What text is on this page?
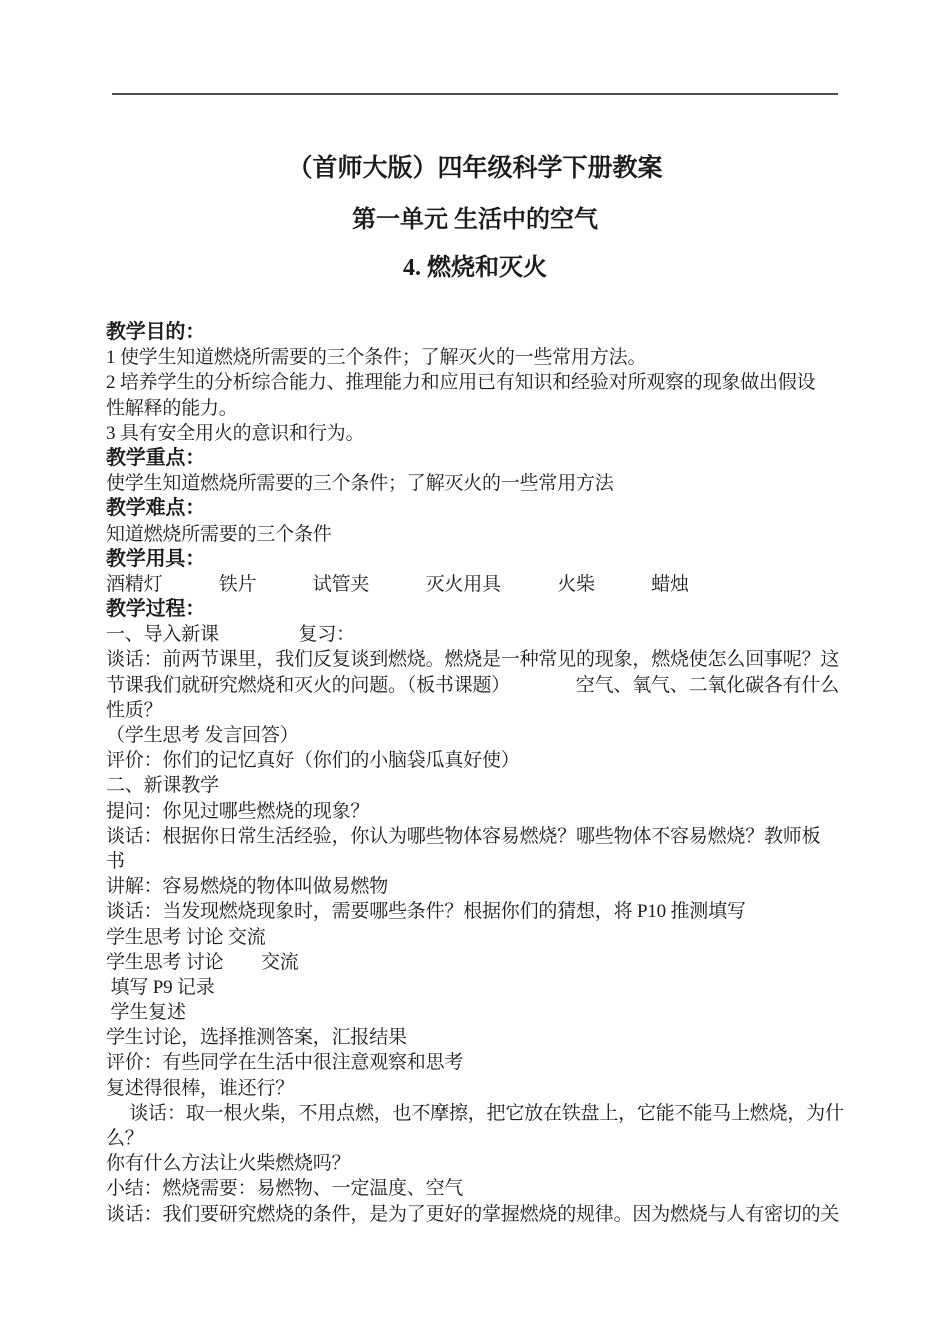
（首师大版）四年级科学下册教案
第一单元 生活中的空气
4. 燃烧和灭火
教学目的：
1 使学生知道燃烧所需要的三个条件；了解灭火的一些常用方法。
2 培养学生的分析综合能力、推理能力和应用已有知识和经验对所观察的现象做出假设
性解释的能力。
3 具有安全用火的意识和行为。
教学重点：
使学生知道燃烧所需要的三个条件；了解灭火的一些常用方法
教学难点：
知道燃烧所需要的三个条件
教学用具：
酒精灯　　　铁片　　　试管夹　　　灭火用具　　　火柴　　　蜡烛
教学过程：
一、导入新课　　　　 复习：
谈话：前两节课里，我们反复谈到燃烧。燃烧是一种常见的现象，燃烧使怎么回事呢？这
节课我们就研究燃烧和灭火的问题。（板书课题）　　　　空气、氧气、二氧化碳各有什么
性质？
（学生思考 发言回答）
评价：你们的记忆真好（你们的小脑袋瓜真好使）
二、新课教学
提问：你见过哪些燃烧的现象？
谈话：根据你日常生活经验，你认为哪些物体容易燃烧？哪些物体不容易燃烧？教师板
书
讲解：容易燃烧的物体叫做易燃物
谈话：当发现燃烧现象时，需要哪些条件？根据你们的猜想，将 P10 推测填写
学生思考 讨论 交流
学生思考 讨论　　交流
填写 P9 记录
学生复述
学生讨论，选择推测答案，汇报结果
评价：有些同学在生活中很注意观察和思考
复述得很棒，谁还行？
　 谈话：取一根火柴，不用点燃，也不摩擦，把它放在铁盘上，它能不能马上燃烧，为什
么？
你有什么方法让火柴燃烧吗？
小结：燃烧需要：易燃物、一定温度、空气
谈话：我们要研究燃烧的条件，是为了更好的掌握燃烧的规律。因为燃烧与人有密切的关
